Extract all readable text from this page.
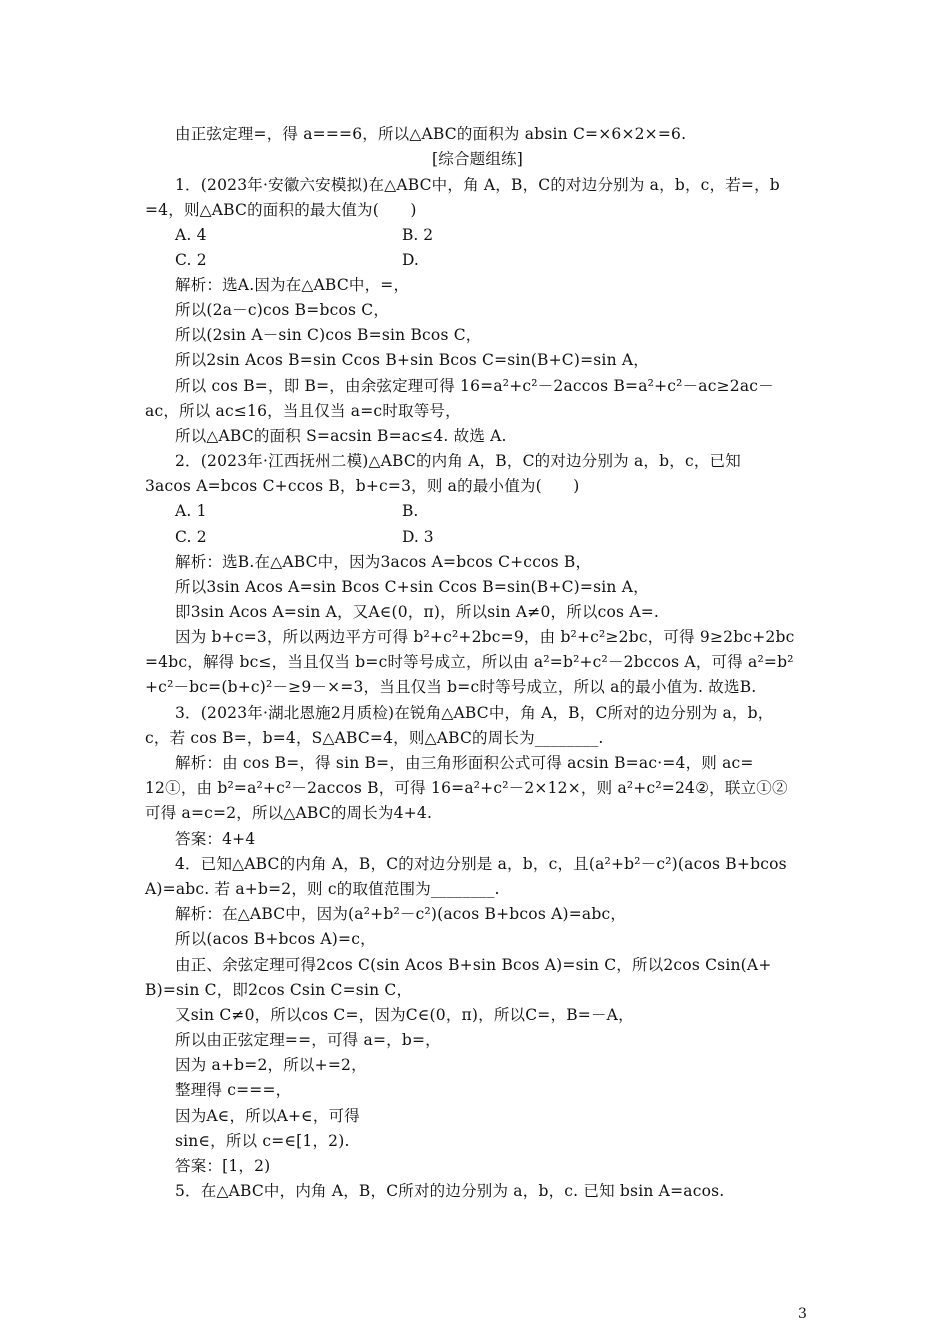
由正弦定理=，得 a===6，所以△ABC的面积为 absin C=×6×2×=6.
[综合题组练]
1．(2023年·安徽六安模拟)在△ABC中，角 A，B，C的对边分别为 a，b，c，若=，b
=4，则△ABC的面积的最大值为(　　)
A. 4	B. 2
C. 2	D.
解析：选A.因为在△ABC中，=，
所以(2a－c)cos B=bcos C，
所以(2sin A－sin C)cos B=sin Bcos C，
所以2sin Acos B=sin Ccos B+sin Bcos C=sin(B+C)=sin A，
所以 cos B=，即 B=，由余弦定理可得 16=a²+c²－2accos B=a²+c²－ac≥2ac－
ac，所以 ac≤16，当且仅当 a=c时取等号，
所以△ABC的面积 S=acsin B=ac≤4. 故选 A.
2．(2023年·江西抚州二模)△ABC的内角 A，B，C的对边分别为 a，b，c，已知
3acos A=bcos C+ccos B，b+c=3，则 a的最小值为(　　)
A. 1	B.
C. 2	D. 3
解析：选B.在△ABC中，因为3acos A=bcos C+ccos B，
所以3sin Acos A=sin Bcos C+sin Ccos B=sin(B+C)=sin A，
即3sin Acos A=sin A，又A∈(0，π)，所以sin A≠0，所以cos A=.
因为 b+c=3，所以两边平方可得 b²+c²+2bc=9，由 b²+c²≥2bc，可得 9≥2bc+2bc
=4bc，解得 bc≤，当且仅当 b=c时等号成立，所以由 a²=b²+c²－2bccos A，可得 a²=b²
+c²－bc=(b+c)²－≥9－×=3，当且仅当 b=c时等号成立，所以 a的最小值为. 故选B.
3．(2023年·湖北恩施2月质检)在锐角△ABC中，角 A，B，C所对的边分别为 a，b，
c，若 cos B=，b=4，S△ABC=4，则△ABC的周长为________.
解析：由 cos B=，得 sin B=，由三角形面积公式可得 acsin B=ac·=4，则 ac=
12①，由 b²=a²+c²－2accos B，可得 16=a²+c²－2×12×，则 a²+c²=24②，联立①②
可得 a=c=2，所以△ABC的周长为4+4.
答案：4+4
4．已知△ABC的内角 A，B，C的对边分别是 a，b，c，且(a²+b²－c²)(acos B+bcos
A)=abc. 若 a+b=2，则 c的取值范围为________.
解析：在△ABC中，因为(a²+b²－c²)(acos B+bcos A)=abc，
所以(acos B+bcos A)=c，
由正、余弦定理可得2cos C(sin Acos B+sin Bcos A)=sin C，所以2cos Csin(A+
B)=sin C，即2cos Csin C=sin C，
又sin C≠0，所以cos C=，因为C∈(0，π)，所以C=，B=－A，
所以由正弦定理==，可得 a=，b=，
因为 a+b=2，所以+=2，
整理得 c===，
因为A∈，所以A+∈，可得
sin∈，所以 c=∈[1，2).
答案：[1，2)
5．在△ABC中，内角 A，B，C所对的边分别为 a，b，c. 已知 bsin A=acos.
3
